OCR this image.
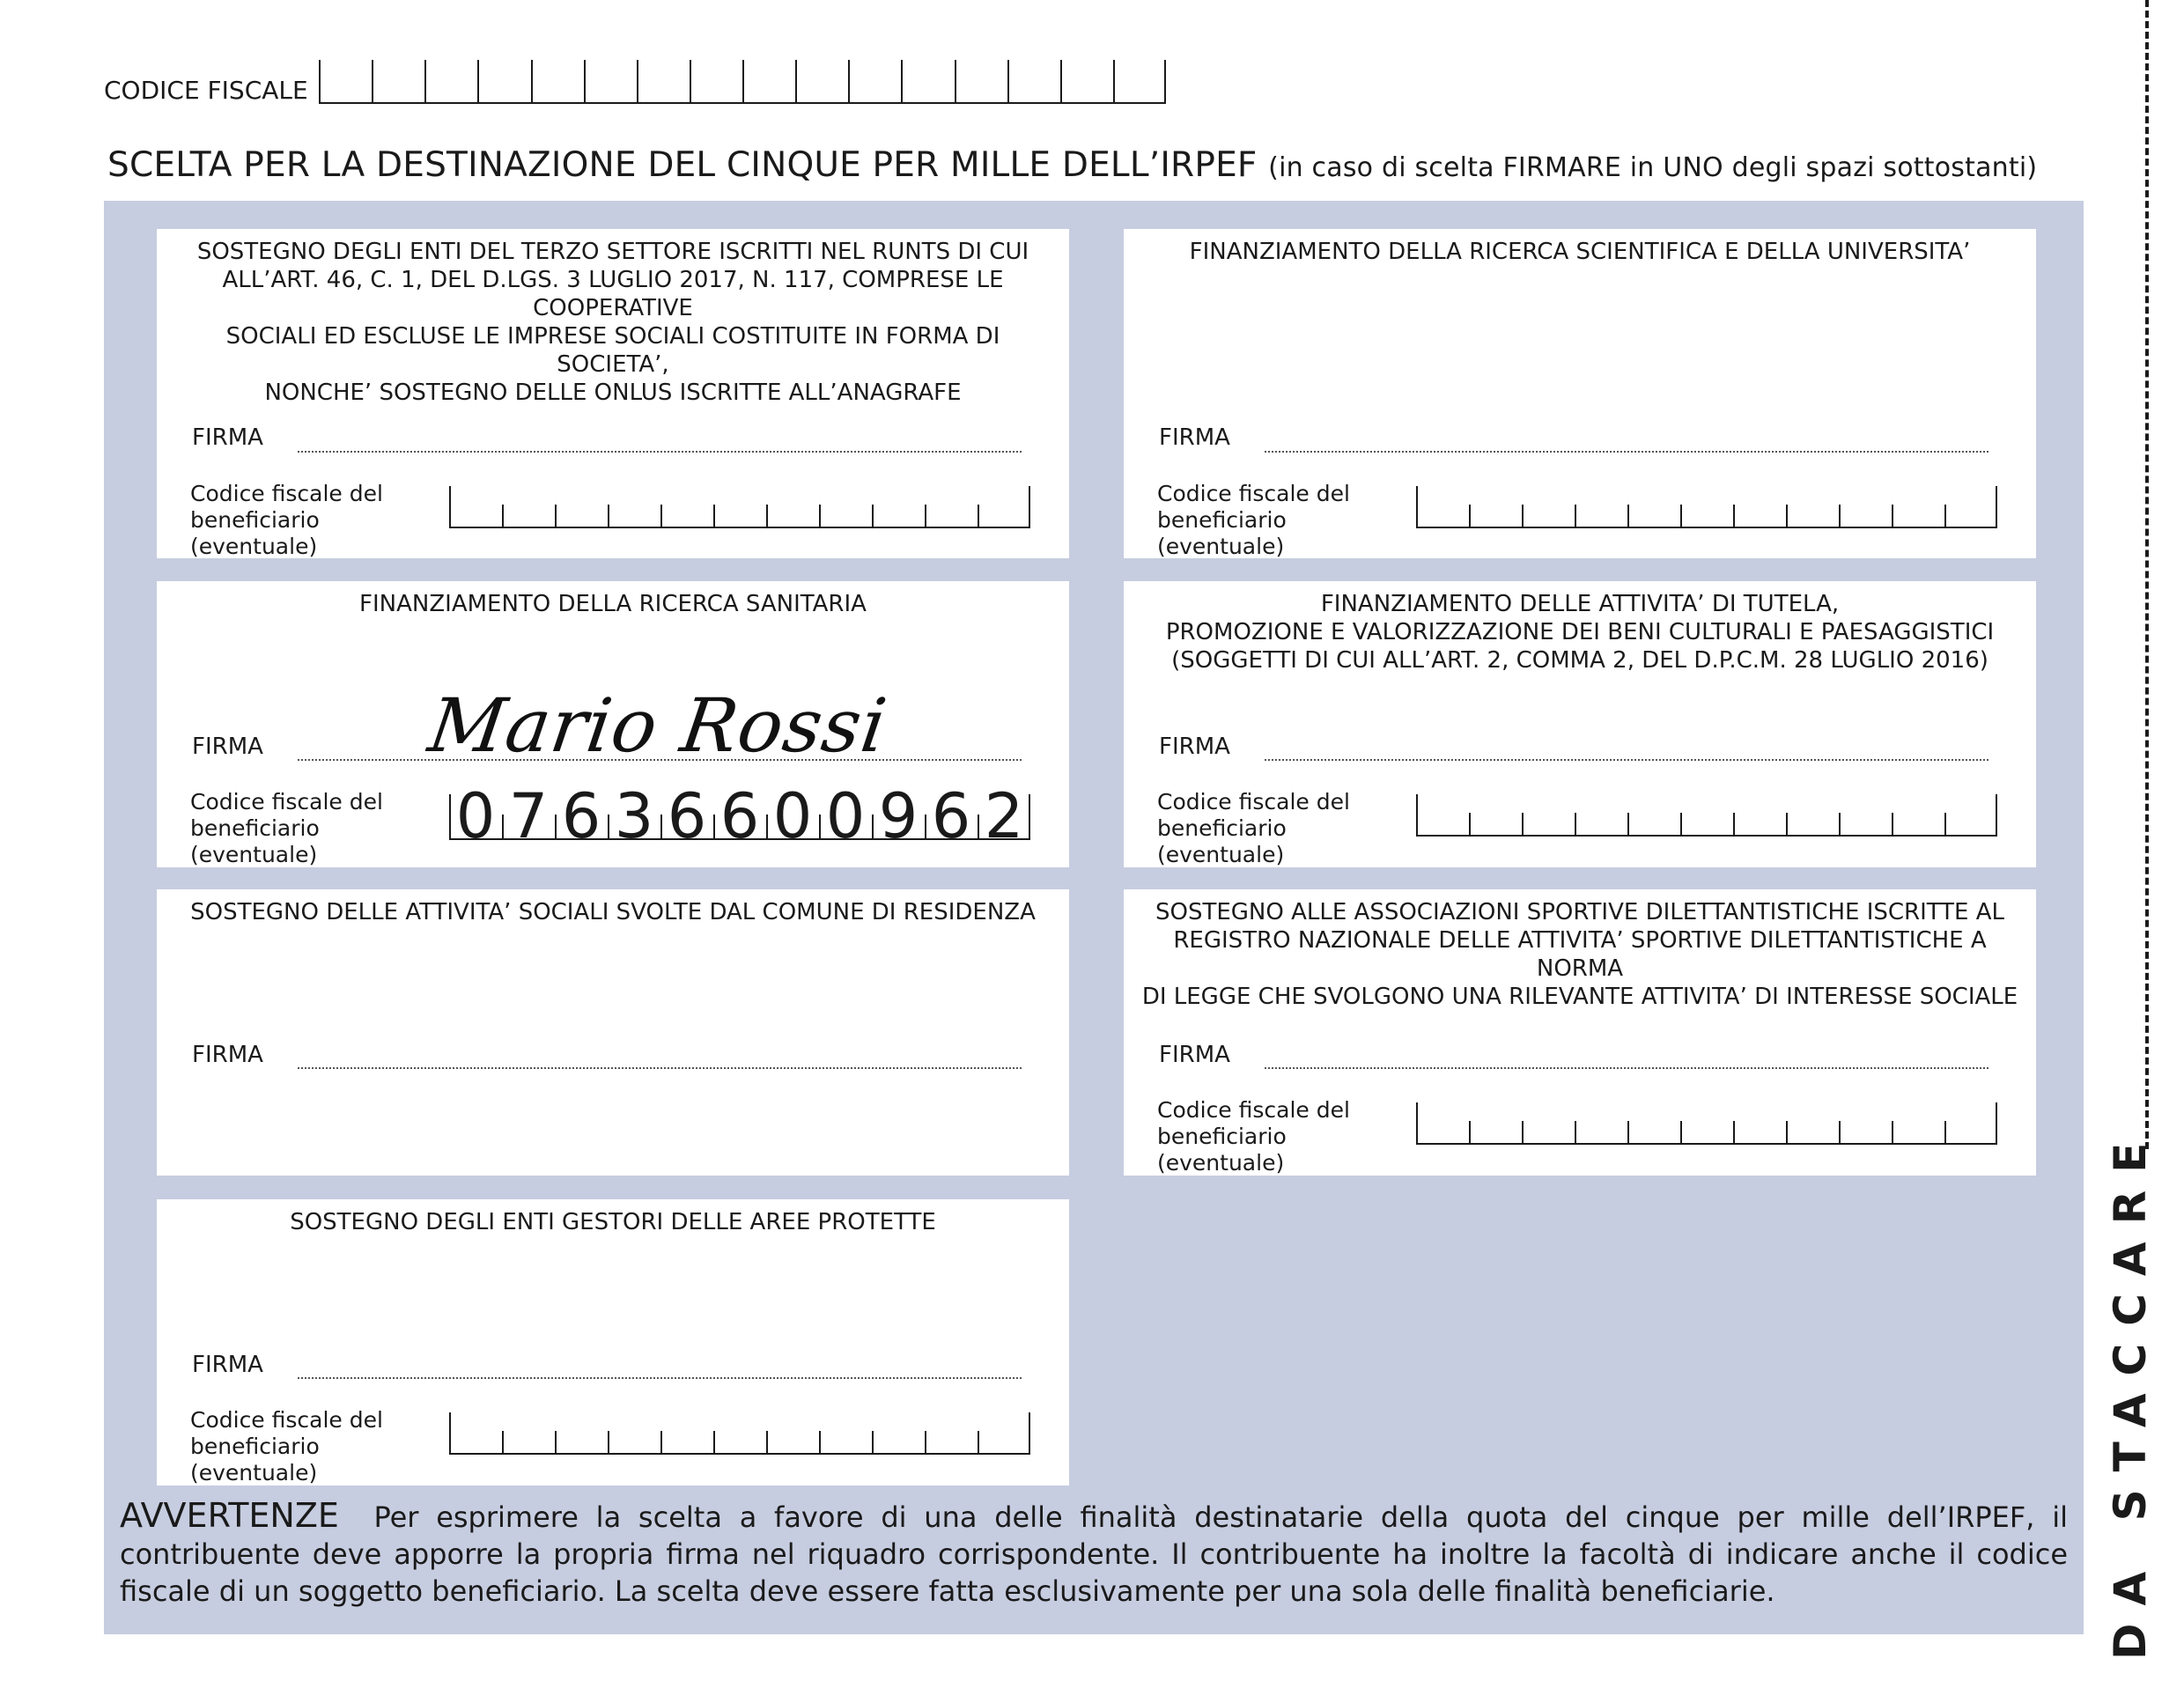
CODICE FISCALE
SCELTA PER LA DESTINAZIONE DEL CINQUE PER MILLE DELL’IRPEF (in caso di scelta FIRMARE in UNO degli spazi sottostanti)
SOSTEGNO DEGLI ENTI DEL TERZO SETTORE ISCRITTI NEL RUNTS DI CUI
ALL’ART. 46, C. 1, DEL D.LGS. 3 LUGLIO 2017, N. 117, COMPRESE LE COOPERATIVE
SOCIALI ED ESCLUSE LE IMPRESE SOCIALI COSTITUITE IN FORMA DI SOCIETA’,
NONCHE’ SOSTEGNO DELLE ONLUS ISCRITTE ALL’ANAGRAFE
FIRMA
Codice fiscale del
beneficiario (eventuale)
FINANZIAMENTO DELLA RICERCA SCIENTIFICA E DELLA UNIVERSITA’
FIRMA
Codice fiscale del
beneficiario (eventuale)
FINANZIAMENTO DELLA RICERCA SANITARIA
FIRMA Mario Rossi
Codice fiscale del
beneficiario (eventuale)
0 7 6 3 6 6 0 0 9 6 2
FINANZIAMENTO DELLE ATTIVITA’ DI TUTELA,
PROMOZIONE E VALORIZZAZIONE DEI BENI CULTURALI E PAESAGGISTICI
(SOGGETTI DI CUI ALL’ART. 2, COMMA 2, DEL D.P.C.M. 28 LUGLIO 2016)
FIRMA
Codice fiscale del
beneficiario (eventuale)
SOSTEGNO DELLE ATTIVITA’ SOCIALI SVOLTE DAL COMUNE DI RESIDENZA
FIRMA
SOSTEGNO ALLE ASSOCIAZIONI SPORTIVE DILETTANTISTICHE ISCRITTE AL
REGISTRO NAZIONALE DELLE ATTIVITA’ SPORTIVE DILETTANTISTICHE A NORMA
DI LEGGE CHE SVOLGONO UNA RILEVANTE ATTIVITA’ DI INTERESSE SOCIALE
FIRMA
Codice fiscale del
beneficiario (eventuale)
SOSTEGNO DEGLI ENTI GESTORI DELLE AREE PROTETTE
FIRMA
Codice fiscale del
beneficiario (eventuale)
AVVERTENZE Per esprimere la scelta a favore di una delle finalità destinatarie della quota del cinque per mille dell’IRPEF, il contribuente deve apporre la propria firma nel riquadro corrispondente. Il contribuente ha inoltre la facoltà di indicare anche il codice fiscale di un soggetto beneficiario. La scelta deve essere fatta esclusivamente per una sola delle finalità beneficiarie.	DA STACCARE
